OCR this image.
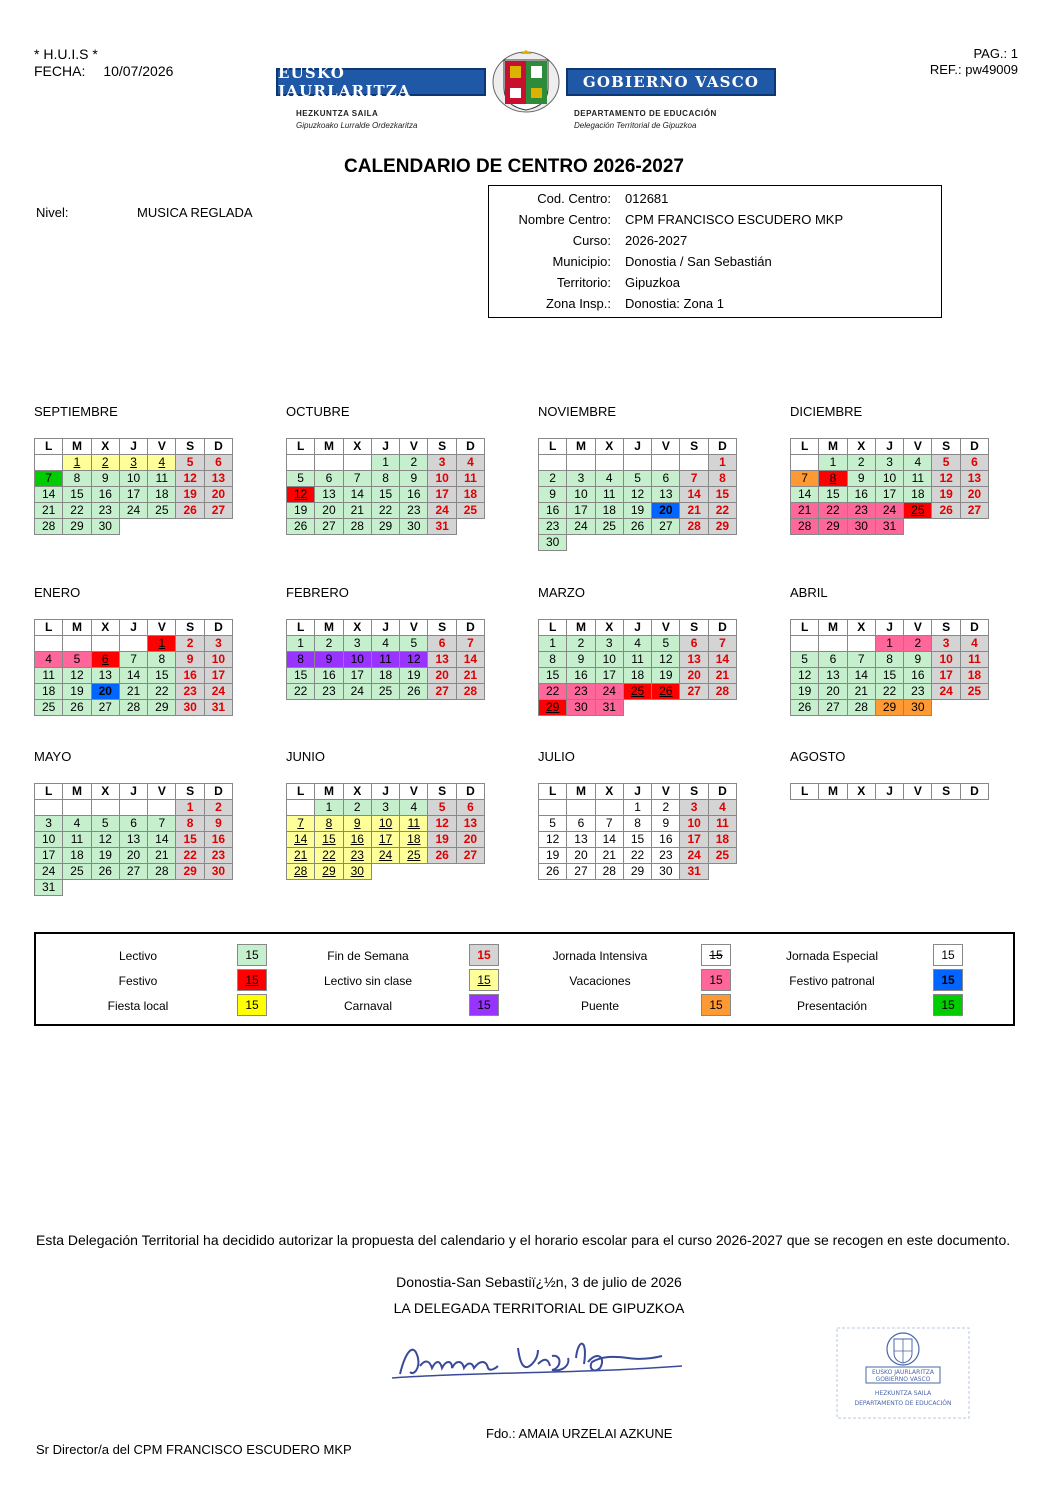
* H.U.I.S *
FECHA: 10/07/2026
PAG.: 1
REF.: pw49009
EUSKO JAURLARITZA	GOBIERNO VASCO
HEZKUNTZA SAILA
Gipuzkoako Lurralde Ordezkaritza
DEPARTAMENTO DE EDUCACIÓN
Delegación Territorial de Gipuzkoa
CALENDARIO DE CENTRO 2026-2027
Nivel:	MUSICA REGLADA
Cod. Centro: 012681
Nombre Centro: CPM FRANCISCO ESCUDERO MKP
Curso: 2026-2027
Municipio: Donostia / San Sebastián
Territorio: Gipuzkoa
Zona Insp.: Donostia: Zona 1
SEPTIEMBRE
L	M	X	J	V	S	D
	1	2	3	4	5	6
7	8	9	10	11	12	13
14	15	16	17	18	19	20
21	22	23	24	25	26	27
28	29	30				
OCTUBRE
L	M	X	J	V	S	D
			1	2	3	4
5	6	7	8	9	10	11
12	13	14	15	16	17	18
19	20	21	22	23	24	25
26	27	28	29	30	31	
NOVIEMBRE
L	M	X	J	V	S	D
						1
2	3	4	5	6	7	8
9	10	11	12	13	14	15
16	17	18	19	20	21	22
23	24	25	26	27	28	29
30						
DICIEMBRE
L	M	X	J	V	S	D
	1	2	3	4	5	6
7	8	9	10	11	12	13
14	15	16	17	18	19	20
21	22	23	24	25	26	27
28	29	30	31			
ENERO
L	M	X	J	V	S	D
				1	2	3
4	5	6	7	8	9	10
11	12	13	14	15	16	17
18	19	20	21	22	23	24
25	26	27	28	29	30	31
FEBRERO
L	M	X	J	V	S	D
1	2	3	4	5	6	7
8	9	10	11	12	13	14
15	16	17	18	19	20	21
22	23	24	25	26	27	28
MARZO
L	M	X	J	V	S	D
1	2	3	4	5	6	7
8	9	10	11	12	13	14
15	16	17	18	19	20	21
22	23	24	25	26	27	28
29	30	31				
ABRIL
L	M	X	J	V	S	D
			1	2	3	4
5	6	7	8	9	10	11
12	13	14	15	16	17	18
19	20	21	22	23	24	25
26	27	28	29	30		
MAYO
L	M	X	J	V	S	D
					1	2
3	4	5	6	7	8	9
10	11	12	13	14	15	16
17	18	19	20	21	22	23
24	25	26	27	28	29	30
31						
JUNIO
L	M	X	J	V	S	D
	1	2	3	4	5	6
7	8	9	10	11	12	13
14	15	16	17	18	19	20
21	22	23	24	25	26	27
28	29	30				
JULIO
L	M	X	J	V	S	D
			1	2	3	4
5	6	7	8	9	10	11
12	13	14	15	16	17	18
19	20	21	22	23	24	25
26	27	28	29	30	31	
AGOSTO
L	M	X	J	V	S	D
Lectivo	15	Fin de Semana	15	Jornada Intensiva	15	Jornada Especial	15
Festivo	15	Lectivo sin clase	15	Vacaciones	15	Festivo patronal	15
Fiesta local	15	Carnaval	15	Puente	15	Presentación	15
Esta Delegación Territorial ha decidido autorizar la propuesta del calendario y el horario escolar para el curso 2026-2027 que se recogen en este documento.
Donostia-San Sebastiï¿½n, 3 de julio de 2026
LA DELEGADA TERRITORIAL DE GIPUZKOA
EUSKO JAURLARITZA
GOBIERNO VASCO
HEZKUNTZA SAILA
DEPARTAMENTO DE EDUCACIÓN
Fdo.: AMAIA URZELAI AZKUNE
Sr Director/a del CPM FRANCISCO ESCUDERO MKP
